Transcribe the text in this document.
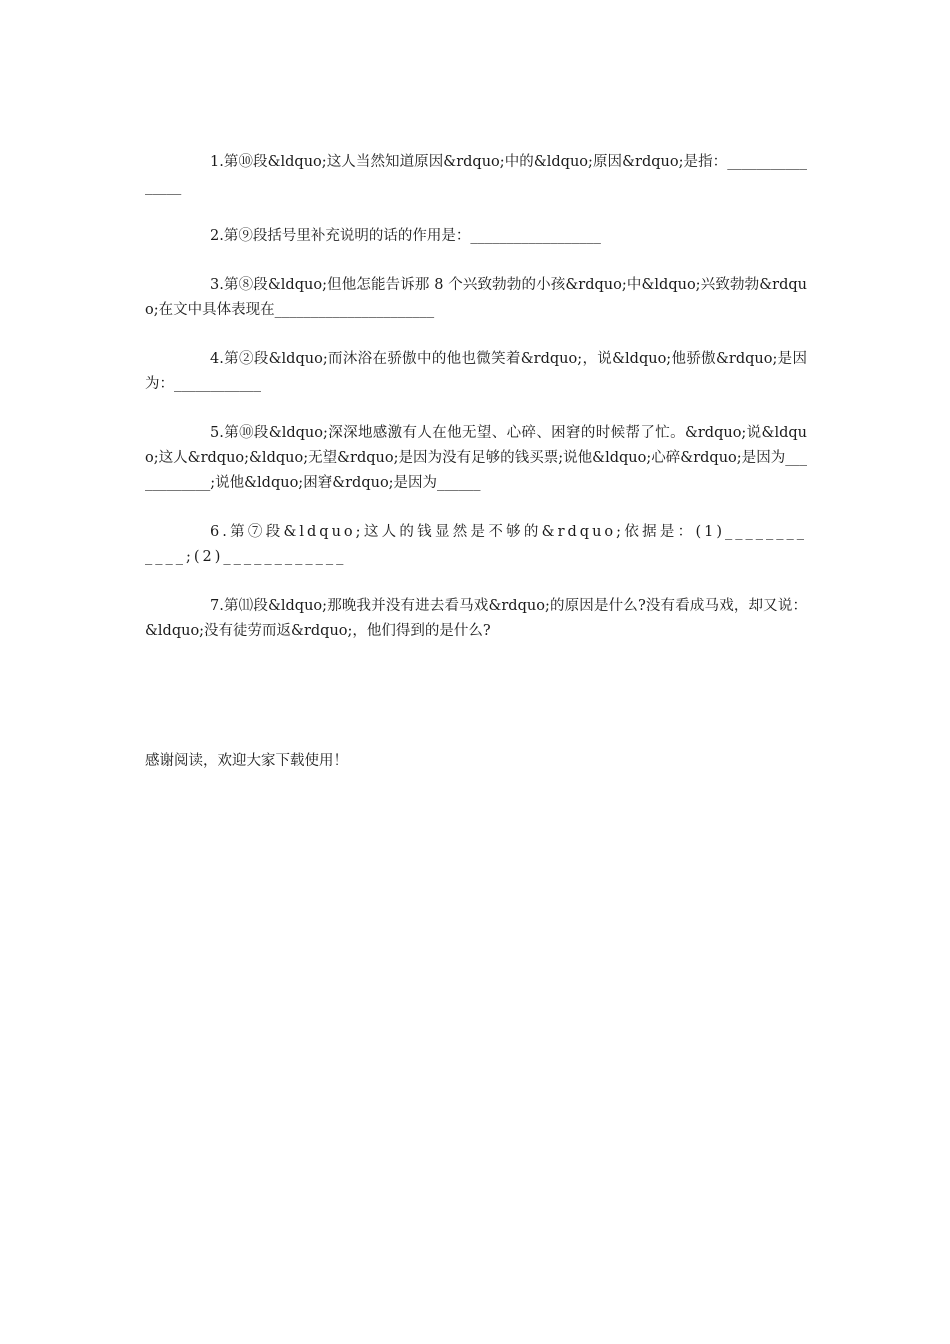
1.第⑩段&ldquo;这人当然知道原因&rdquo;中的&ldquo;原因&rdquo;是指：________________

2.第⑨段括号里补充说明的话的作用是：__________________

3.第⑧段&ldquo;但他怎能告诉那 8 个兴致勃勃的小孩&rdquo;中&ldquo;兴致勃勃&rdquo;在文中具体表现在______________________

4.第②段&ldquo;而沐浴在骄傲中的他也微笑着&rdquo;，说&ldquo;他骄傲&rdquo;是因为：____________

5.第⑩段&ldquo;深深地感激有人在他无望、心碎、困窘的时候帮了忙。&rdquo;说&ldquo;这人&rdquo;&ldquo;无望&rdquo;是因为没有足够的钱买票;说他&ldquo;心碎&rdquo;是因为____________;说他&ldquo;困窘&rdquo;是因为______

6.第⑦段&ldquo;这人的钱显然是不够的&rdquo;依据是：(1)____________;(2)____________

7.第⑾段&ldquo;那晚我并没有进去看马戏&rdquo;的原因是什么?没有看成马戏，却又说：&ldquo;没有徒劳而返&rdquo;，他们得到的是什么?

感谢阅读，欢迎大家下载使用！
